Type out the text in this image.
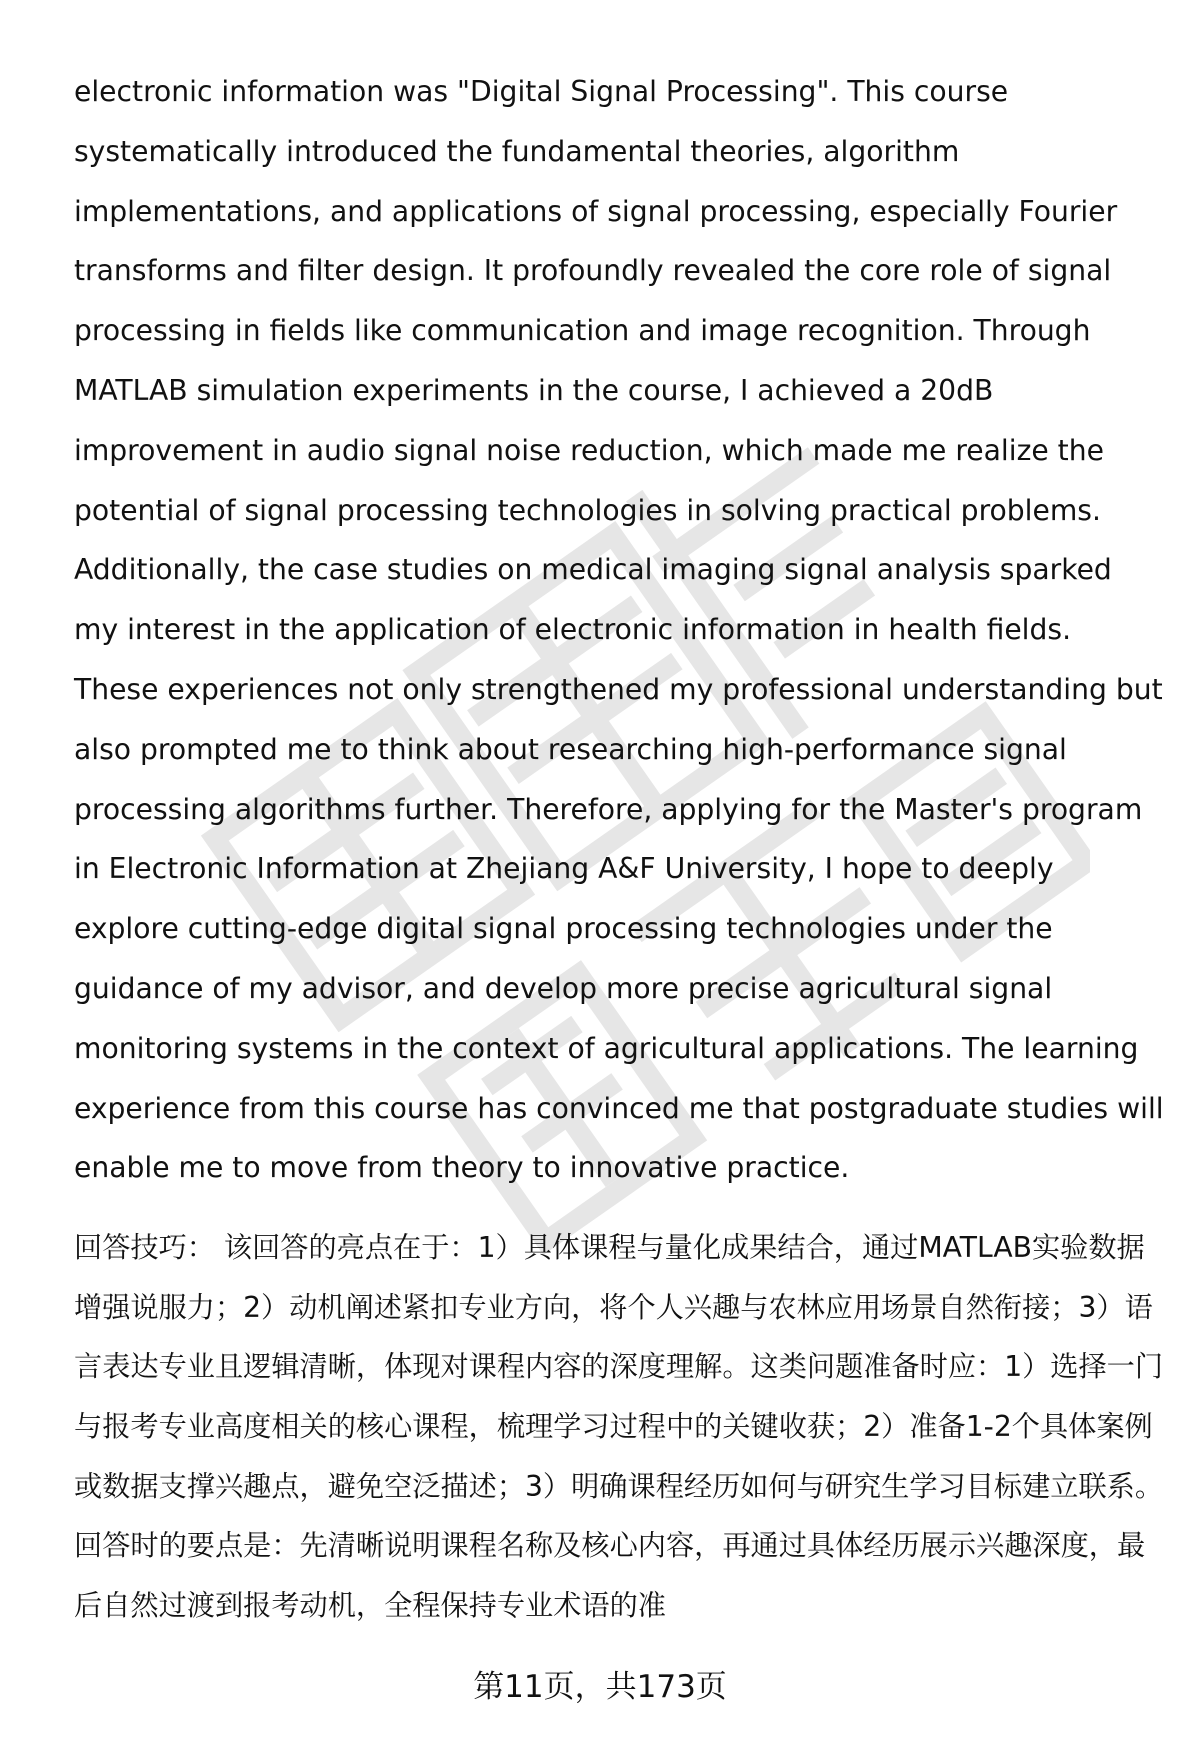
electronic information was "Digital Signal Processing". This course systematically introduced the fundamental theories, algorithm implementations, and applications of signal processing, especially Fourier transforms and filter design. It profoundly revealed the core role of signal processing in fields like communication and image recognition. Through MATLAB simulation experiments in the course, I achieved a 20dB improvement in audio signal noise reduction, which made me realize the potential of signal processing technologies in solving practical problems. Additionally, the case studies on medical imaging signal analysis sparked my interest in the application of electronic information in health fields. These experiences not only strengthened my professional understanding but also prompted me to think about researching high-performance signal processing algorithms further. Therefore, applying for the Master's program in Electronic Information at Zhejiang A&F University, I hope to deeply explore cutting-edge digital signal processing technologies under the guidance of my advisor, and develop more precise agricultural signal monitoring systems in the context of agricultural applications. The learning experience from this course has convinced me that postgraduate studies will enable me to move from theory to innovative practice.

回答技巧： 该回答的亮点在于：1）具体课程与量化成果结合，通过MATLAB实验数据增强说服力；2）动机阐述紧扣专业方向，将个人兴趣与农林应用场景自然衔接；3）语言表达专业且逻辑清晰，体现对课程内容的深度理解。这类问题准备时应：1）选择一门与报考专业高度相关的核心课程，梳理学习过程中的关键收获；2）准备1-2个具体案例或数据支撑兴趣点，避免空泛描述；3）明确课程经历如何与研究生学习目标建立联系。回答时的要点是：先清晰说明课程名称及核心内容，再通过具体经历展示兴趣深度，最后自然过渡到报考动机，全程保持专业术语的准

第11页，共173页
